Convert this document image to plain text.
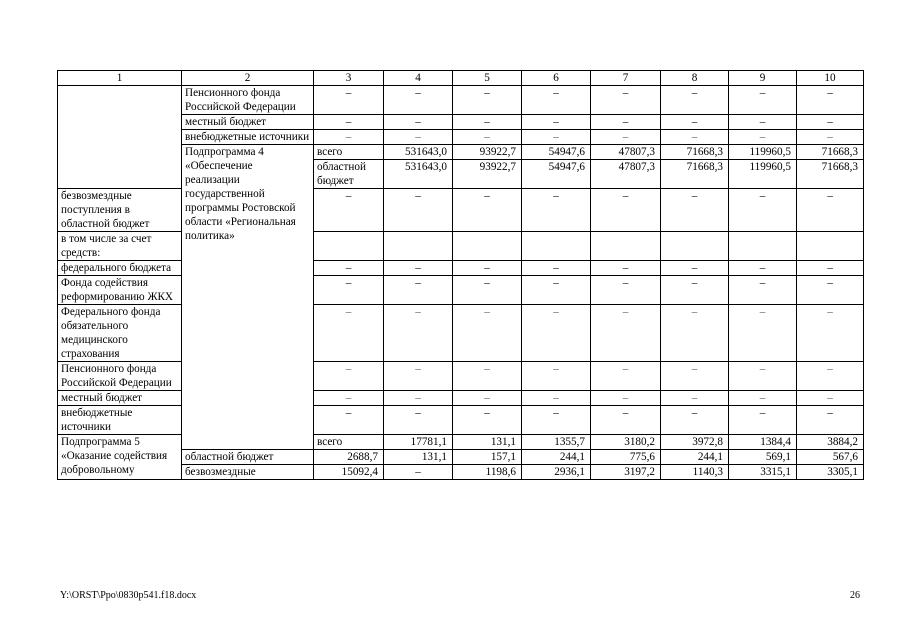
1	2	3	4	5	6	7	8	9	10	
	Пенсионного фонда Российской Федерации	–	–	–	–	–	–	–	–	
	местный бюджет	–	–	–	–	–	–	–	–	
	внебюджетные источники	–	–	–	–	–	–	–	–	
	Подпрограмма 4 «Обеспечение реализации государственной программы Ростовской области «Региональная политика»	всего	531643,0	93922,7	54947,6	47807,3	71668,3	119960,5	71668,3	
		областной бюджет	531643,0	93922,7	54947,6	47807,3	71668,3	119960,5	71668,3	
безвозмездные поступления в областной бюджет		–	–	–	–	–	–	–	–	
в том числе за счет средств:										
федерального бюджета		–	–	–	–	–	–	–	–	
Фонда содействия реформированию ЖКХ		–	–	–	–	–	–	–	–	
Федерального фонда обязательного медицинского страхования		–	–	–	–	–	–	–	–	
Пенсионного фонда Российской Федерации		–	–	–	–	–	–	–	–	
местный бюджет		–	–	–	–	–	–	–	–	
внебюджетные источники		–	–	–	–	–	–	–	–	
Подпрограмма 5 «Оказание содействия добровольному		всего	17781,1	131,1	1355,7	3180,2	3972,8	1384,4	3884,2	
	областной бюджет	2688,7	131,1	157,1	244,1	775,6	244,1	569,1	567,6	
	безвозмездные	15092,4	–	1198,6	2936,1	3197,2	1140,3	3315,1	3305,1	
Y:\ORST\Ppo\0830p541.f18.docx	26
